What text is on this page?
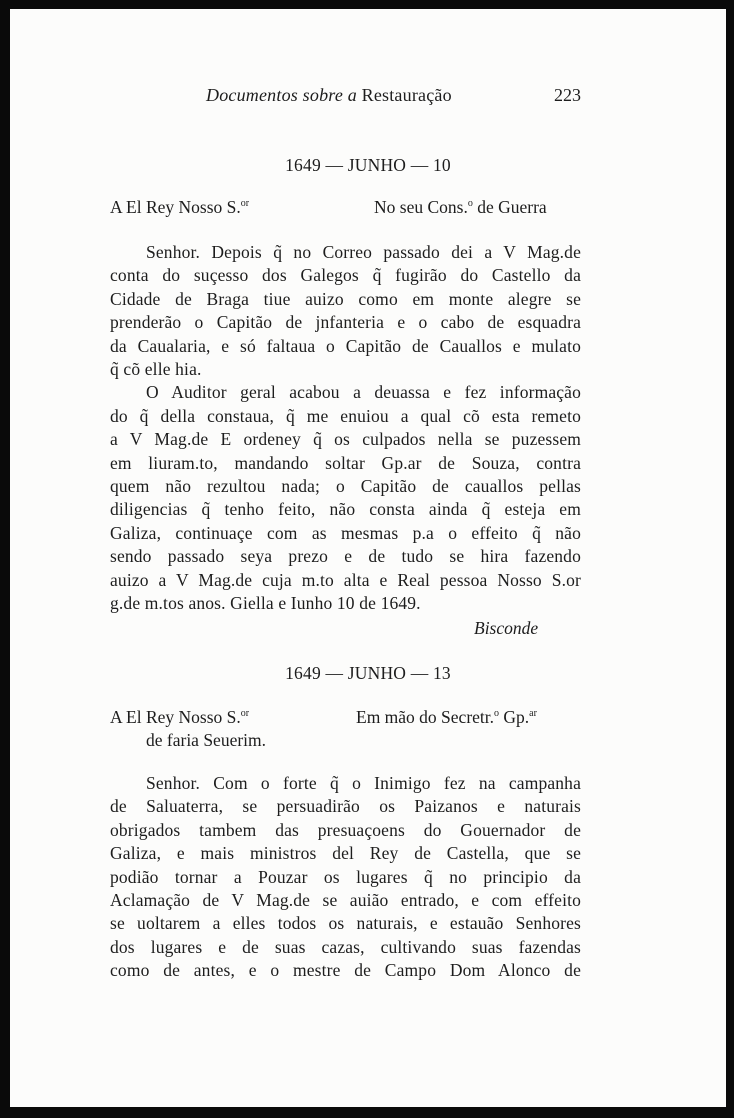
Documentos sobre a Restauração	223
1649 — JUNHO — 10
A El Rey Nosso S.$^{or}$	No seu Cons.$^o$ de Guerra
Senhor. Depois q̃ no Correo passado dei a V Mag.de
conta do suçesso dos Galegos q̃ fugirão do Castello da
Cidade de Braga tiue auizo como em monte alegre se
prenderão o Capitão de jnfanteria e o cabo de esquadra
da Caualaria, e só faltaua o Capitão de Cauallos e mulato
q̃ cõ elle hia.
O Auditor geral acabou a deuassa e fez informação
do q̃ della constaua, q̃ me enuiou a qual cõ esta remeto
a V Mag.de E ordeney q̃ os culpados nella se puzessem
em liuram.to, mandando soltar Gp.ar de Souza, contra
quem não rezultou nada; o Capitão de cauallos pellas
diligencias q̃ tenho feito, não consta ainda q̃ esteja em
Galiza, continuaçe com as mesmas p.a o effeito q̃ não
sendo passado seya prezo e de tudo se hira fazendo
auizo a V Mag.de cuja m.to alta e Real pessoa Nosso S.or
g.de m.tos anos. Giella e Iunho 10 de 1649.
Bisconde
1649 — JUNHO — 13
A El Rey Nosso S.$^{or}$	Em mão do Secretr.$^o$ Gp.$^{ar}$
de faria Seuerim.
Senhor. Com o forte q̃ o Inimigo fez na campanha
de Saluaterra, se persuadirão os Paizanos e naturais
obrigados tambem das presuaçoens do Gouernador de
Galiza, e mais ministros del Rey de Castella, que se
podião tornar a Pouzar os lugares q̃ no principio da
Aclamação de V Mag.de se auião entrado, e com effeito
se uoltarem a elles todos os naturais, e estauão Senhores
dos lugares e de suas cazas, cultivando suas fazendas
como de antes, e o mestre de Campo Dom Alonco de
